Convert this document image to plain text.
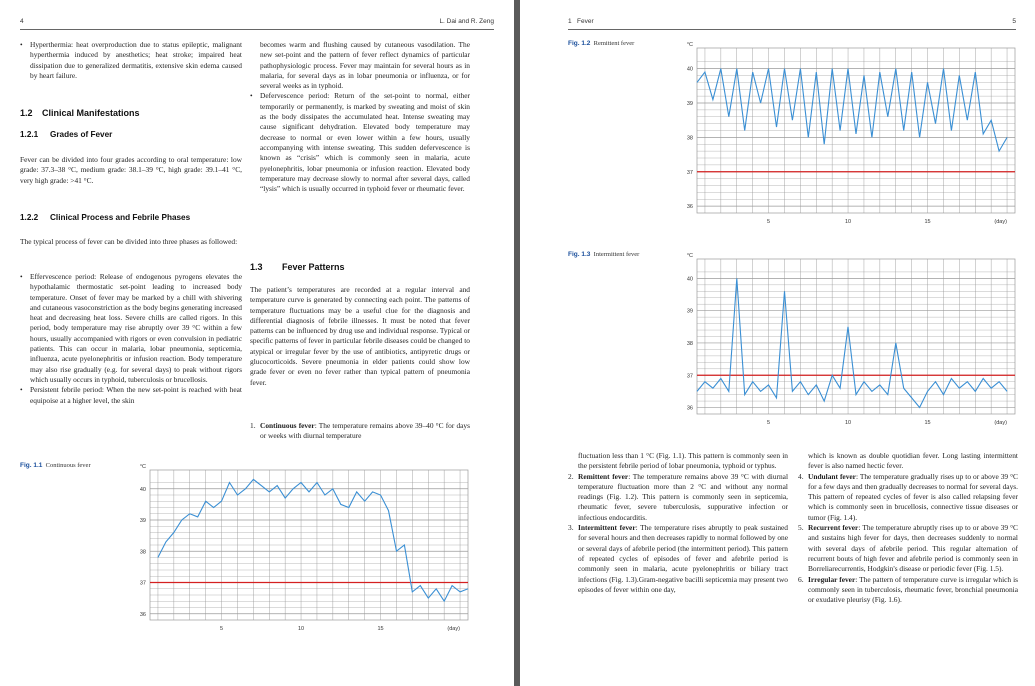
4	L. Dai and R. Zeng
• Hyperthermia: heat overproduction due to status epileptic, malignant hyperthermia induced by anesthetics; heat stroke; impaired heat dissipation due to generalized dermatitis, extensive skin edema caused by heart failure.
1.2 Clinical Manifestations
1.2.1 Grades of Fever
Fever can be divided into four grades according to oral temperature: low grade: 37.3–38 °C, medium grade: 38.1–39 °C, high grade: 39.1–41 °C, very high grade: >41 °C.
1.2.2 Clinical Process and Febrile Phases
The typical process of fever can be divided into three phases as followed:
• Effervescence period: Release of endogenous pyrogens elevates the hypothalamic thermostatic set-point leading to increased body temperature. Onset of fever may be marked by a chill with shivering and cutaneous vasoconstriction as the body begins generating increased heat and decreasing heat loss. Severe chills are called rigors. In this period, body temperature may rise abruptly over 39 °C within a few hours, usually accompanied with rigors or even convulsion in pediatric patients. This can occur in malaria, lobar pneumonia, septicemia, influenza, acute pyelonephritis or infusion reaction. Body temperature may also rise gradually (e.g. for several days) to peak without rigors which usually occurs in typhoid, tuberculosis or brucellosis.
• Persistent febrile period: When the new set-point is reached with heat equipoise at a higher level, the skin
becomes warm and flushing caused by cutaneous vasodilation. The new set-point and the pattern of fever reflect dynamics of particular pathophysiologic process. Fever may maintain for several hours as in malaria, for several days as in lobar pneumonia or influenza, or for several weeks as in typhoid.
• Defervescence period: Return of the set-point to normal, either temporarily or permanently, is marked by sweating and moist of skin as the body dissipates the accumulated heat. Intense sweating may cause significant dehydration. Elevated body temperature may decrease to normal or even lower within a few hours, usually accompanying with intense sweating. This sudden defervescence is known as “crisis” which is commonly seen in malaria, acute pyelonephritis, lobar pneumonia or infusion reaction. Elevated body temperature may decrease slowly to normal after several days, called “lysis” which is usually occurred in typhoid fever or rheumatic fever.
1.3 Fever Patterns
The patient’s temperatures are recorded at a regular interval and temperature curve is generated by connecting each point. The patterns of temperature fluctuations may be a useful clue for the diagnosis and differential diagnosis of febrile illnesses. It must be noted that fever patterns can be influenced by drug use and individual response. Typical or specific patterns of fever in particular febrile diseases could be changed to atypical or irregular fever by the use of antibiotics, antipyretic drugs or glucocorticoids. Severe pneumonia in elder patients could show low grade fever or even no fever rather than typical pattern of pneumonia fever.
1. Continuous fever: The temperature remains above 39–40 °C for days or weeks with diurnal temperature
Fig. 1.1 Continuous fever
40
39
38
37
36
°C
5	10	15	(day)
1 Fever	5
Fig. 1.2 Remittent fever
40
39
38
37
36
°C
5	10	15	(day)
Fig. 1.3 Intermittent fever
40
39
38
37
36
°C
5	10	15	(day)
fluctuation less than 1 °C (Fig. 1.1). This pattern is commonly seen in the persistent febrile period of lobar pneumonia, typhoid or typhus.
2. Remittent fever: The temperature remains above 39 °C with diurnal temperature fluctuation more than 2 °C and without any normal readings (Fig. 1.2). This pattern is commonly seen in septicemia, rheumatic fever, severe tuberculosis, suppurative infection or infectious endocarditis.
3. Intermittent fever: The temperature rises abruptly to peak sustained for several hours and then decreases rapidly to normal followed by one or several days of afebrile period (the intermittent period). This pattern of repeated cycles of episodes of fever and afebrile period is commonly seen in malaria, acute pyelonephritis or biliary tract infections (Fig. 1.3).Gram-negative bacilli septicemia may present two episodes of fever within one day,
which is known as double quotidian fever. Long lasting intermittent fever is also named hectic fever.
4. Undulant fever: The temperature gradually rises up to or above 39 °C for a few days and then gradually decreases to normal for several days. This pattern of repeated cycles of fever is also called relapsing fever which is commonly seen in brucellosis, connective tissue diseases or tumor (Fig. 1.4).
5. Recurrent fever: The temperature abruptly rises up to or above 39 °C and sustains high fever for days, then decreases suddenly to normal with several days of afebrile period. This regular alternation of recurrent bouts of high fever and afebrile period is commonly seen in Borreliarecurrentis, Hodgkin's disease or periodic fever (Fig. 1.5).
6. Irregular fever: The pattern of temperature curve is irregular which is commonly seen in tuberculosis, rheumatic fever, bronchial pneumonia or exudative pleurisy (Fig. 1.6).
